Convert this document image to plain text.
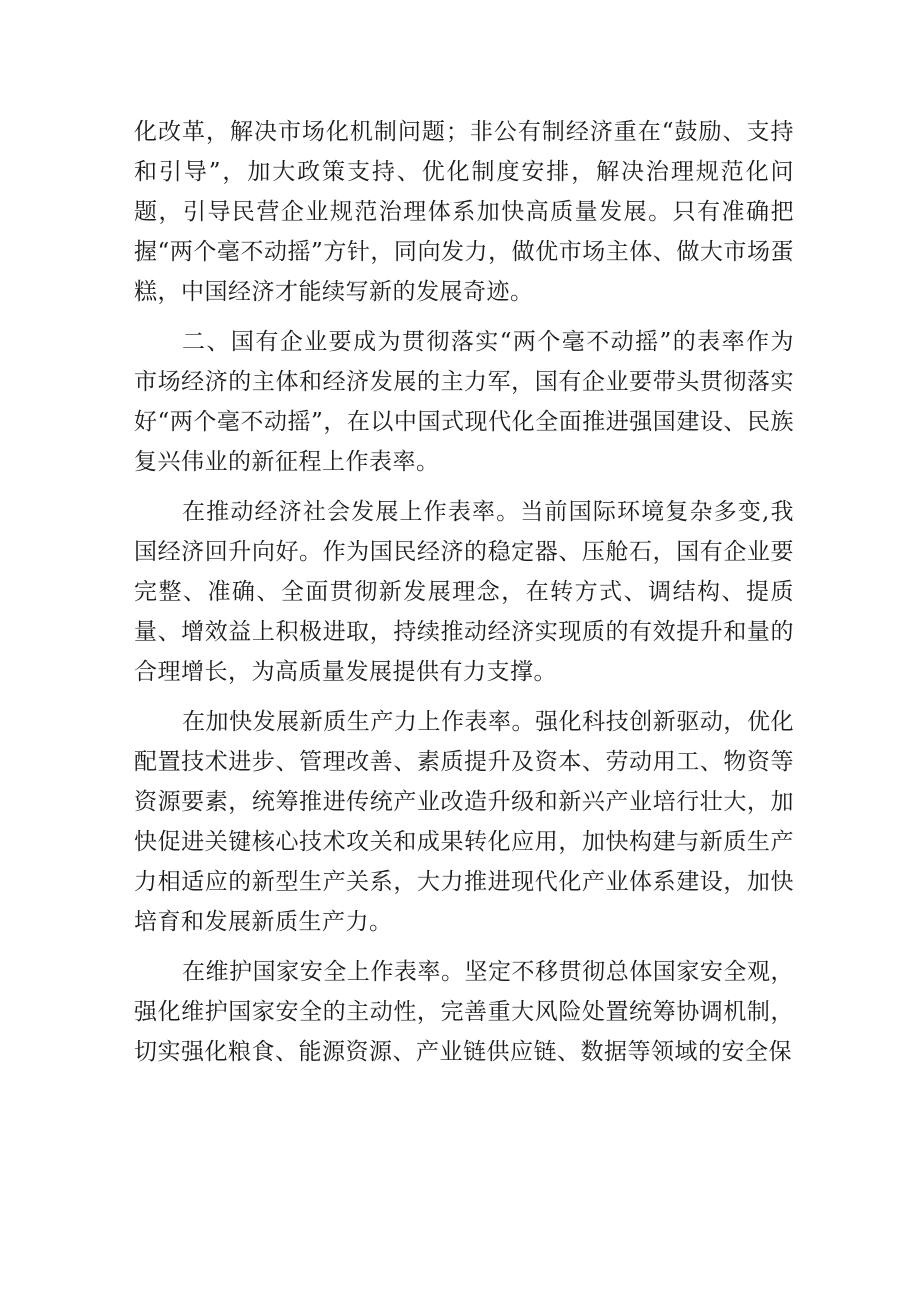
化改革，解决市场化机制问题；非公有制经济重在“鼓励、支持和引导”，加大政策支持、优化制度安排，解决治理规范化问题，引导民营企业规范治理体系加快高质量发展。只有准确把握“两个毫不动摇”方针，同向发力，做优市场主体、做大市场蛋糕，中国经济才能续写新的发展奇迹。

二、国有企业要成为贯彻落实“两个毫不动摇”的表率作为市场经济的主体和经济发展的主力军，国有企业要带头贯彻落实好“两个毫不动摇”，在以中国式现代化全面推进强国建设、民族复兴伟业的新征程上作表率。

在推动经济社会发展上作表率。当前国际环境复杂多变,我国经济回升向好。作为国民经济的稳定器、压舱石，国有企业要完整、准确、全面贯彻新发展理念，在转方式、调结构、提质量、增效益上积极进取，持续推动经济实现质的有效提升和量的合理增长，为高质量发展提供有力支撑。

在加快发展新质生产力上作表率。强化科技创新驱动，优化配置技术进步、管理改善、素质提升及资本、劳动用工、物资等资源要素，统筹推进传统产业改造升级和新兴产业培行壮大，加快促进关键核心技术攻关和成果转化应用，加快构建与新质生产力相适应的新型生产关系，大力推进现代化产业体系建设，加快培育和发展新质生产力。

在维护国家安全上作表率。坚定不移贯彻总体国家安全观，强化维护国家安全的主动性，完善重大风险处置统筹协调机制，切实强化粮食、能源资源、产业链供应链、数据等领域的安全保
